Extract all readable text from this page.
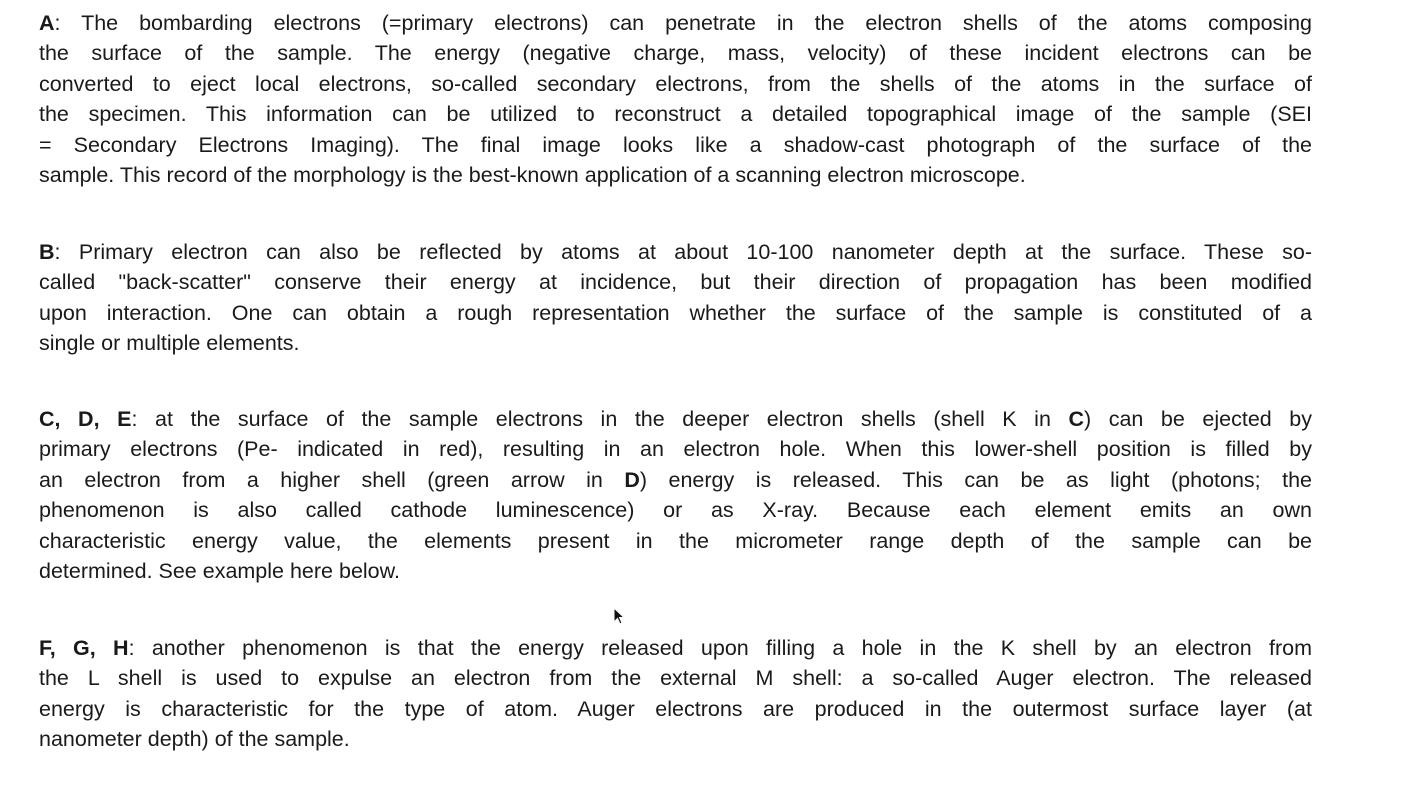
A: The bombarding electrons (=primary electrons) can penetrate in the electron shells of the atoms composing
the surface of the sample. The energy (negative charge, mass, velocity) of these incident electrons can be
converted to eject local electrons, so-called secondary electrons, from the shells of the atoms in the surface of
the specimen. This information can be utilized to reconstruct a detailed topographical image of the sample (SEI
= Secondary Electrons Imaging). The final image looks like a shadow-cast photograph of the surface of the
sample. This record of the morphology is the best-known application of a scanning electron microscope.
B: Primary electron can also be reflected by atoms at about 10-100 nanometer depth at the surface. These so-
called "back-scatter" conserve their energy at incidence, but their direction of propagation has been modified
upon interaction. One can obtain a rough representation whether the surface of the sample is constituted of a
single or multiple elements.
C, D, E: at the surface of the sample electrons in the deeper electron shells (shell K in C) can be ejected by
primary electrons (Pe- indicated in red), resulting in an electron hole. When this lower-shell position is filled by
an electron from a higher shell (green arrow in D) energy is released. This can be as light (photons; the
phenomenon is also called cathode luminescence) or as X-ray. Because each element emits an own
characteristic energy value, the elements present in the micrometer range depth of the sample can be
determined. See example here below.
F, G, H: another phenomenon is that the energy released upon filling a hole in the K shell by an electron from
the L shell is used to expulse an electron from the external M shell: a so-called Auger electron. The released
energy is characteristic for the type of atom. Auger electrons are produced in the outermost surface layer (at
nanometer depth) of the sample.
